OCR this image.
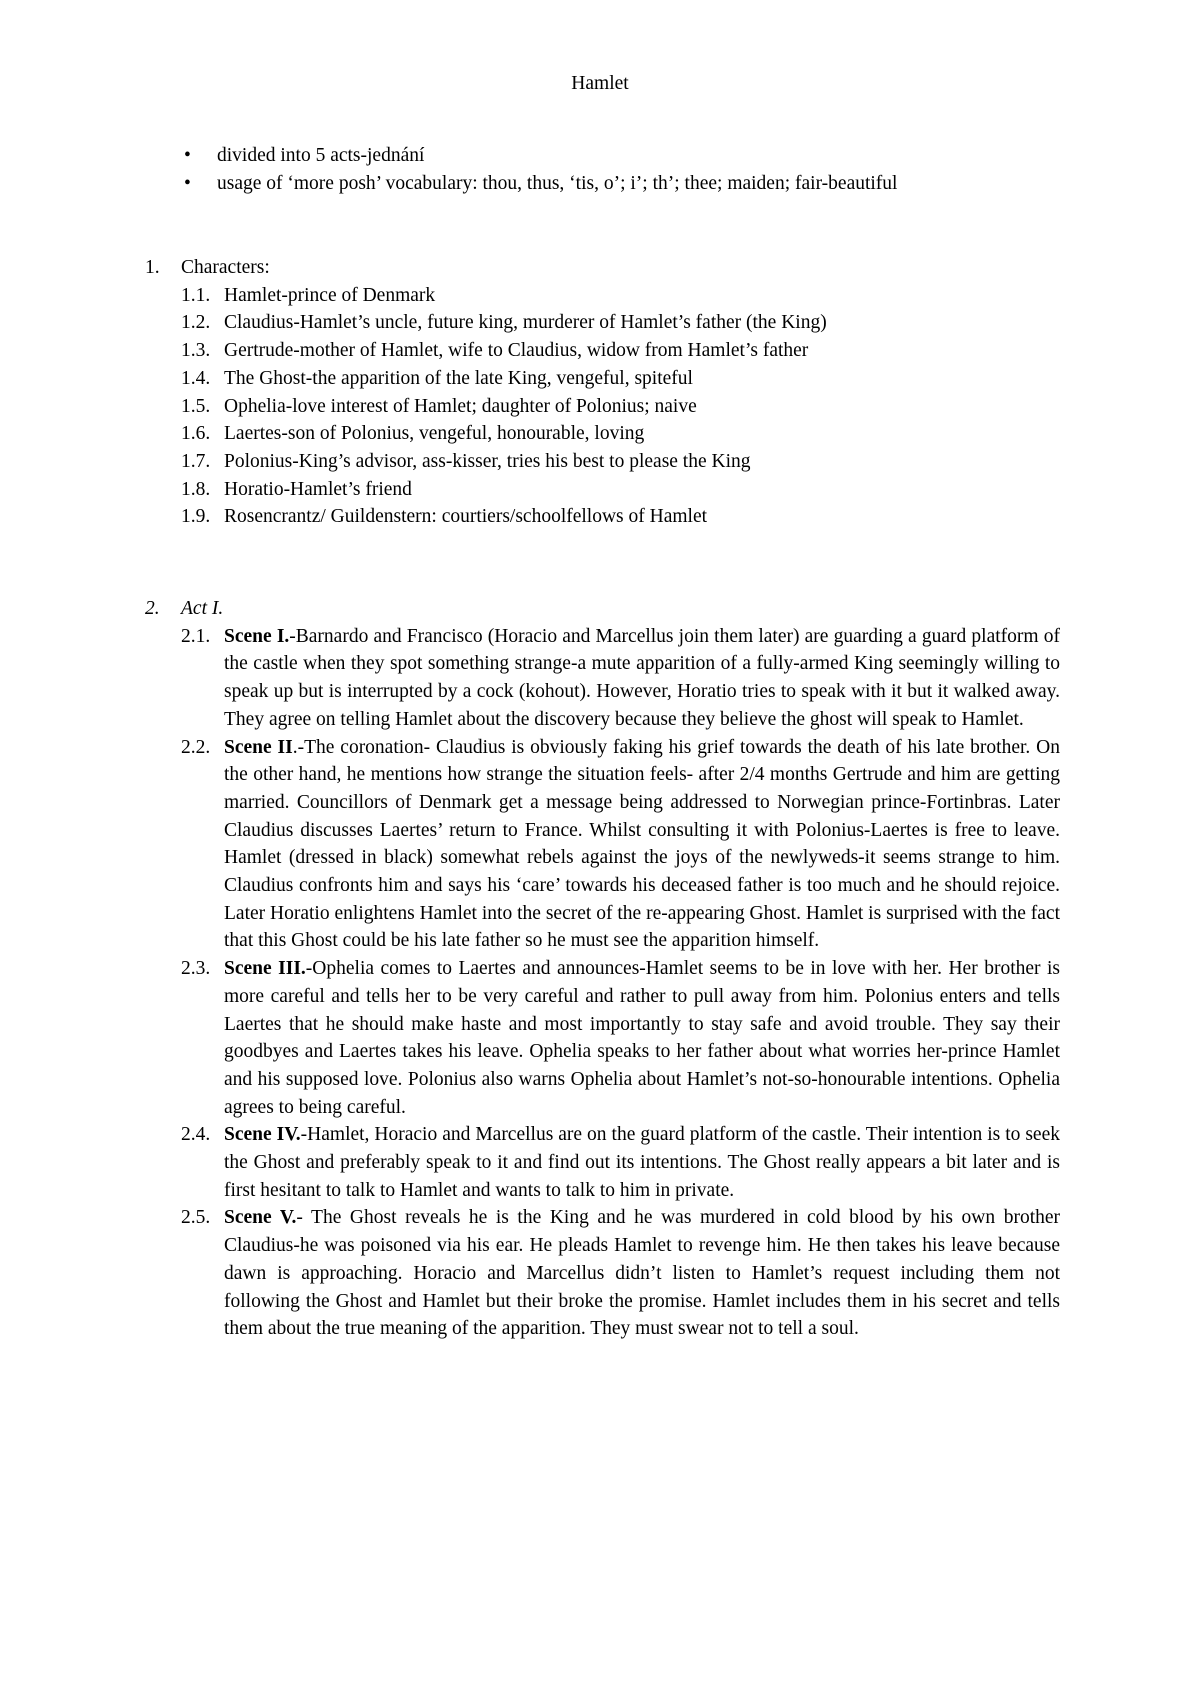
Hamlet
• divided into 5 acts-jednání
• usage of ‘more posh’ vocabulary: thou, thus, ‘tis, o’; i’; th’; thee; maiden; fair-beautiful
1. Characters:
1.1. Hamlet-prince of Denmark
1.2. Claudius-Hamlet’s uncle, future king, murderer of Hamlet’s father (the King)
1.3. Gertrude-mother of Hamlet, wife to Claudius, widow from Hamlet’s father
1.4. The Ghost-the apparition of the late King, vengeful, spiteful
1.5. Ophelia-love interest of Hamlet; daughter of Polonius; naive
1.6. Laertes-son of Polonius, vengeful, honourable, loving
1.7. Polonius-King’s advisor, ass-kisser, tries his best to please the King
1.8. Horatio-Hamlet’s friend
1.9. Rosencrantz/ Guildenstern: courtiers/schoolfellows of Hamlet
2. Act I.
2.1. Scene I.-Barnardo and Francisco (Horacio and Marcellus join them later) are guarding a guard platform of the castle when they spot something strange-a mute apparition of a fully-armed King seemingly willing to speak up but is interrupted by a cock (kohout). However, Horatio tries to speak with it but it walked away. They agree on telling Hamlet about the discovery because they believe the ghost will speak to Hamlet.
2.2. Scene II.-The coronation- Claudius is obviously faking his grief towards the death of his late brother. On the other hand, he mentions how strange the situation feels- after 2/4 months Gertrude and him are getting married. Councillors of Denmark get a message being addressed to Norwegian prince-Fortinbras. Later Claudius discusses Laertes’ return to France. Whilst consulting it with Polonius-Laertes is free to leave. Hamlet (dressed in black) somewhat rebels against the joys of the newlyweds-it seems strange to him. Claudius confronts him and says his ‘care’ towards his deceased father is too much and he should rejoice. Later Horatio enlightens Hamlet into the secret of the re-appearing Ghost. Hamlet is surprised with the fact that this Ghost could be his late father so he must see the apparition himself.
2.3. Scene III.-Ophelia comes to Laertes and announces-Hamlet seems to be in love with her. Her brother is more careful and tells her to be very careful and rather to pull away from him. Polonius enters and tells Laertes that he should make haste and most importantly to stay safe and avoid trouble. They say their goodbyes and Laertes takes his leave. Ophelia speaks to her father about what worries her-prince Hamlet and his supposed love. Polonius also warns Ophelia about Hamlet’s not-so-honourable intentions. Ophelia agrees to being careful.
2.4. Scene IV.-Hamlet, Horacio and Marcellus are on the guard platform of the castle. Their intention is to seek the Ghost and preferably speak to it and find out its intentions. The Ghost really appears a bit later and is first hesitant to talk to Hamlet and wants to talk to him in private.
2.5. Scene V.- The Ghost reveals he is the King and he was murdered in cold blood by his own brother Claudius-he was poisoned via his ear. He pleads Hamlet to revenge him. He then takes his leave because dawn is approaching. Horacio and Marcellus didn’t listen to Hamlet’s request including them not following the Ghost and Hamlet but their broke the promise. Hamlet includes them in his secret and tells them about the true meaning of the apparition. They must swear not to tell a soul.
